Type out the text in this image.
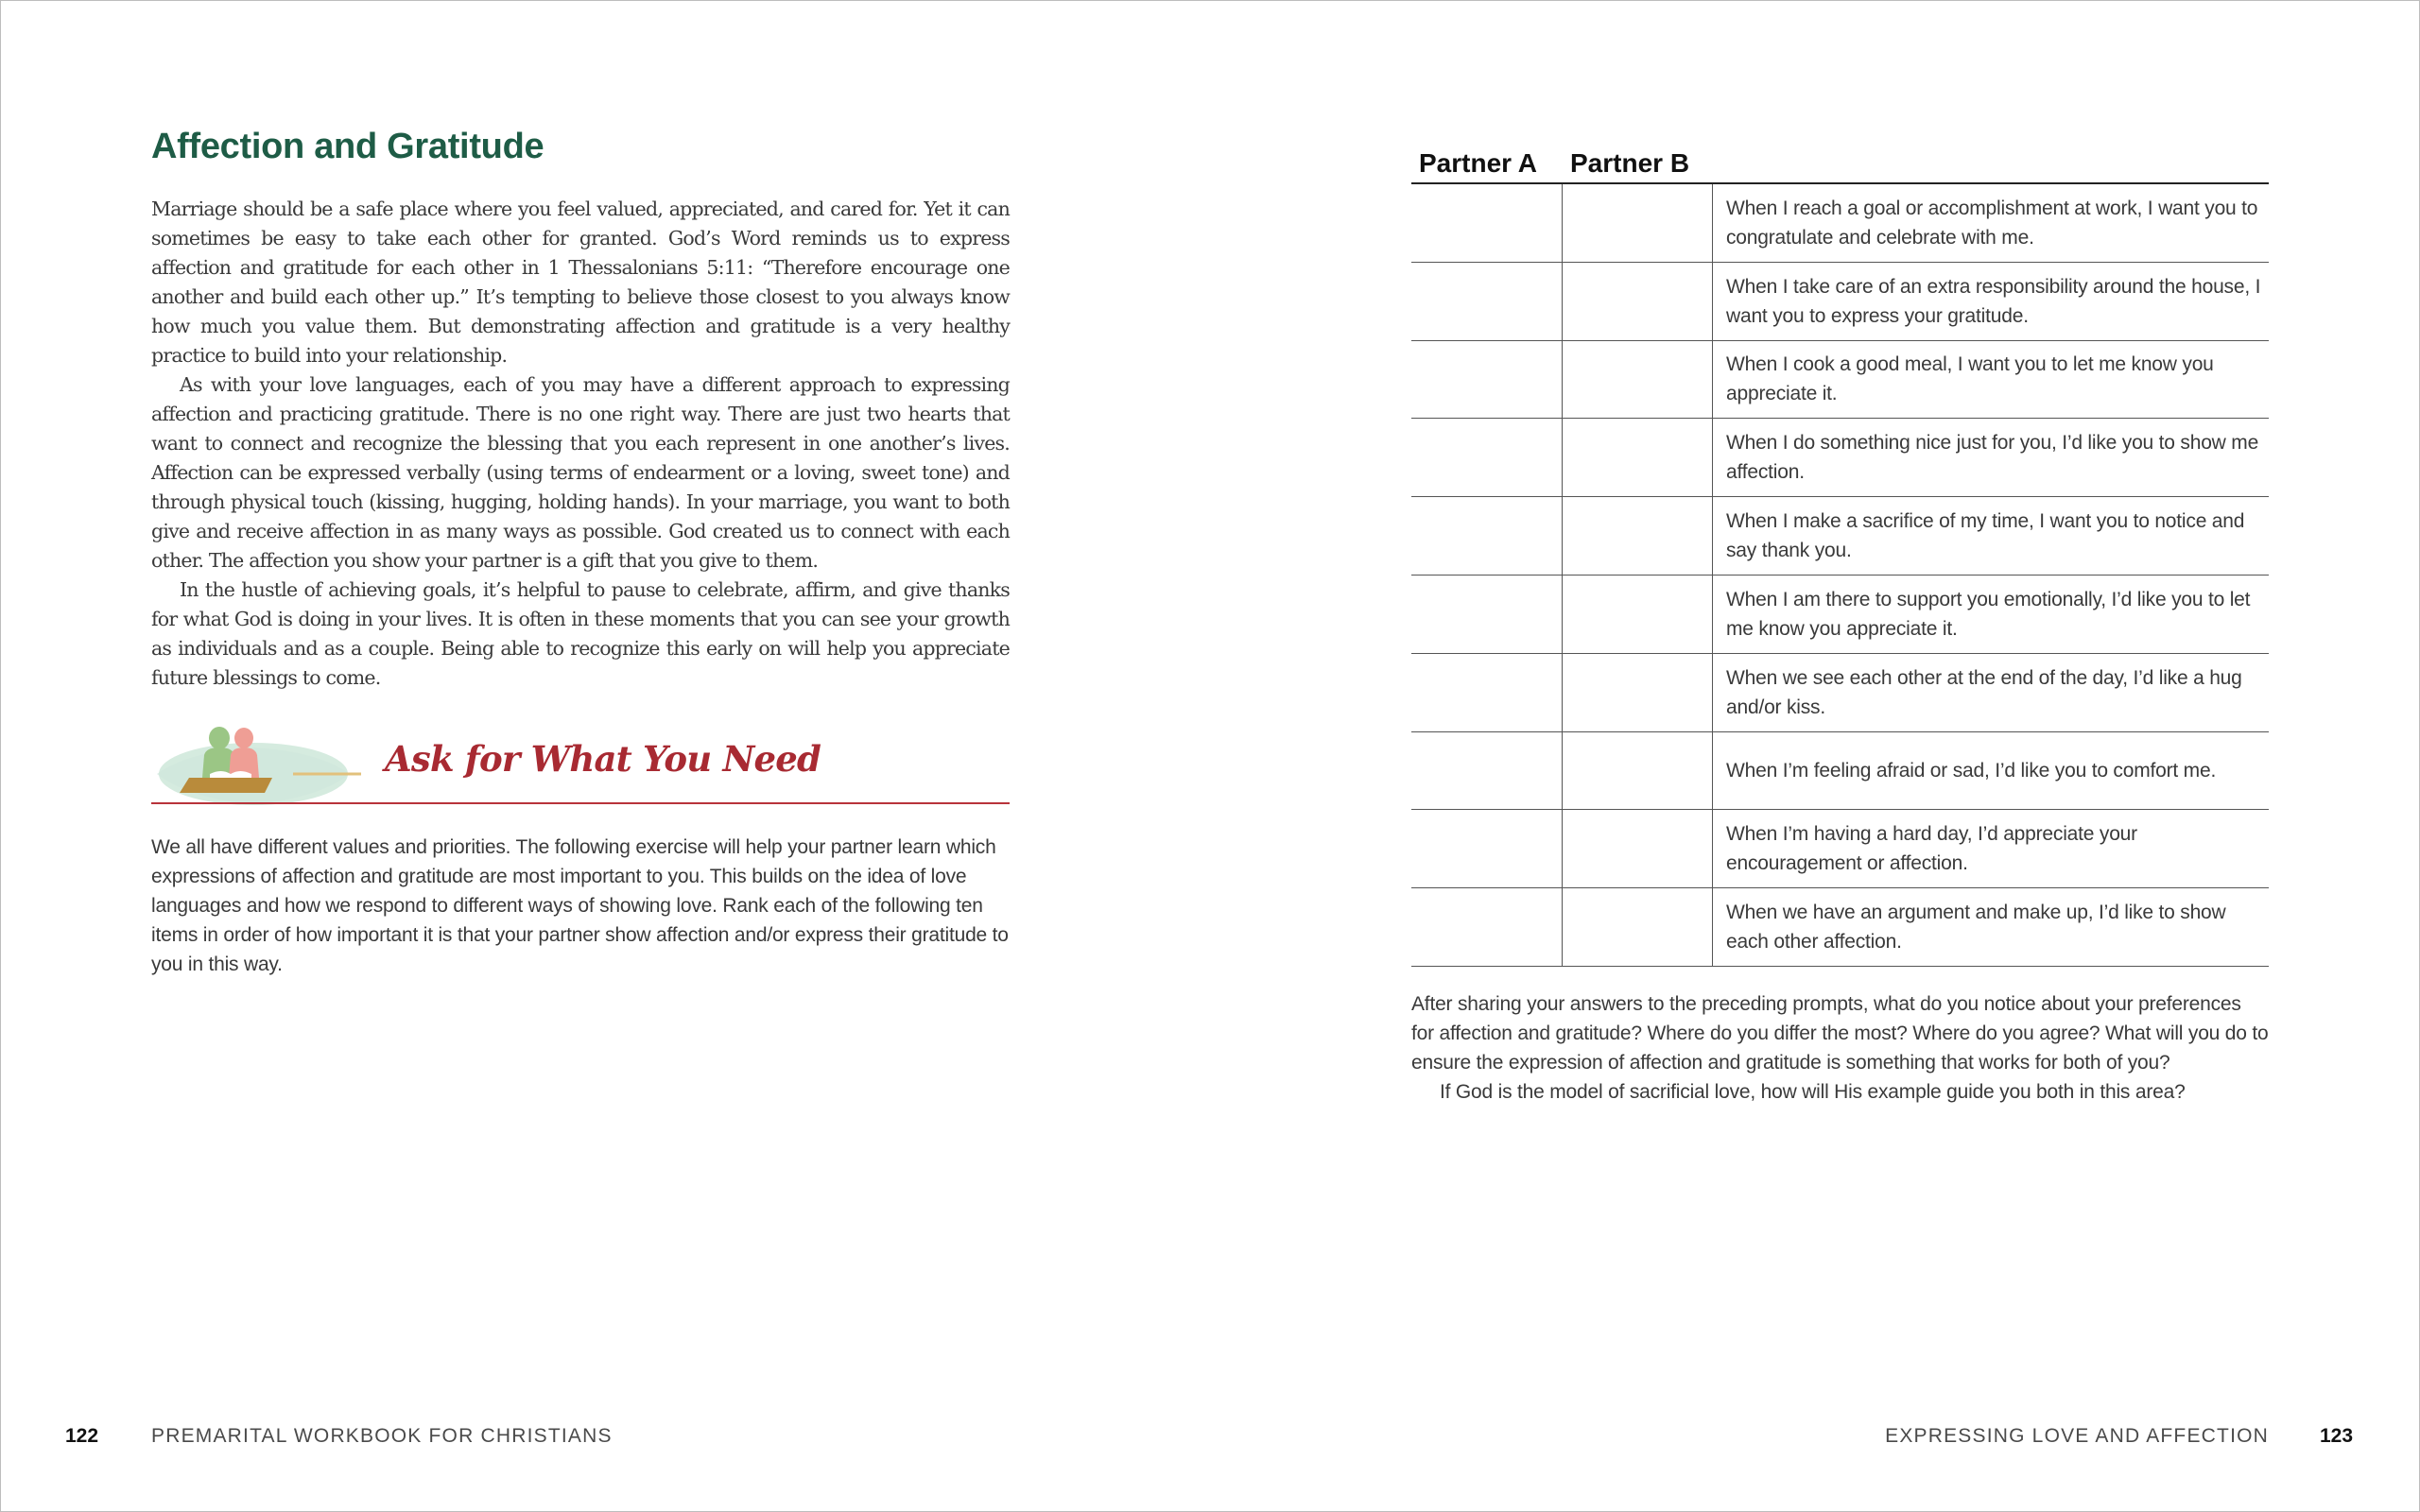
Affection and Gratitude

Marriage should be a safe place where you feel valued, appreciated, and cared for. Yet it can sometimes be easy to take each other for granted. God’s Word reminds us to express affection and gratitude for each other in 1 Thessalonians 5:11: “Therefore encourage one another and build each other up.” It’s tempting to believe those closest to you always know how much you value them. But demonstrating affection and gratitude is a very healthy practice to build into your relationship.

As with your love languages, each of you may have a different approach to expressing affection and practicing gratitude. There is no one right way. There are just two hearts that want to connect and recognize the blessing that you each represent in one another’s lives. Affection can be expressed verbally (using terms of endearment or a loving, sweet tone) and through physical touch (kissing, hugging, holding hands). In your marriage, you want to both give and receive affection in as many ways as possible. God created us to connect with each other. The affection you show your partner is a gift that you give to them.

In the hustle of achieving goals, it’s helpful to pause to celebrate, affirm, and give thanks for what God is doing in your lives. It is often in these moments that you can see your growth as individuals and as a couple. Being able to recognize this early on will help you appreciate future blessings to come.

Ask for What You Need

We all have different values and priorities. The following exercise will help your partner learn which expressions of affection and gratitude are most important to you. This builds on the idea of love languages and how we respond to different ways of showing love. Rank each of the following ten items in order of how important it is that your partner show affection and/or express their gratitude to you in this way.

Partner A Partner B
		When I reach a goal or accomplishment at work, I want you to congratulate and celebrate with me.
		When I take care of an extra responsibility around the house, I want you to express your gratitude.
		When I cook a good meal, I want you to let me know you appreciate it.
		When I do something nice just for you, I’d like you to show me affection.
		When I make a sacrifice of my time, I want you to notice and say thank you.
		When I am there to support you emotionally, I’d like you to let me know you appreciate it.
		When we see each other at the end of the day, I’d like a hug and/or kiss.
		When I’m feeling afraid or sad, I’d like you to comfort me.
		When I’m having a hard day, I’d appreciate your encouragement or affection.
		When we have an argument and make up, I’d like to show each other affection.

After sharing your answers to the preceding prompts, what do you notice about your preferences for affection and gratitude? Where do you differ the most? Where do you agree? What will you do to ensure the expression of affection and gratitude is something that works for both of you?

If God is the model of sacrificial love, how will His example guide you both in this area?

122	PREMARITAL WORKBOOK FOR CHRISTIANS	EXPRESSING LOVE AND AFFECTION	123
